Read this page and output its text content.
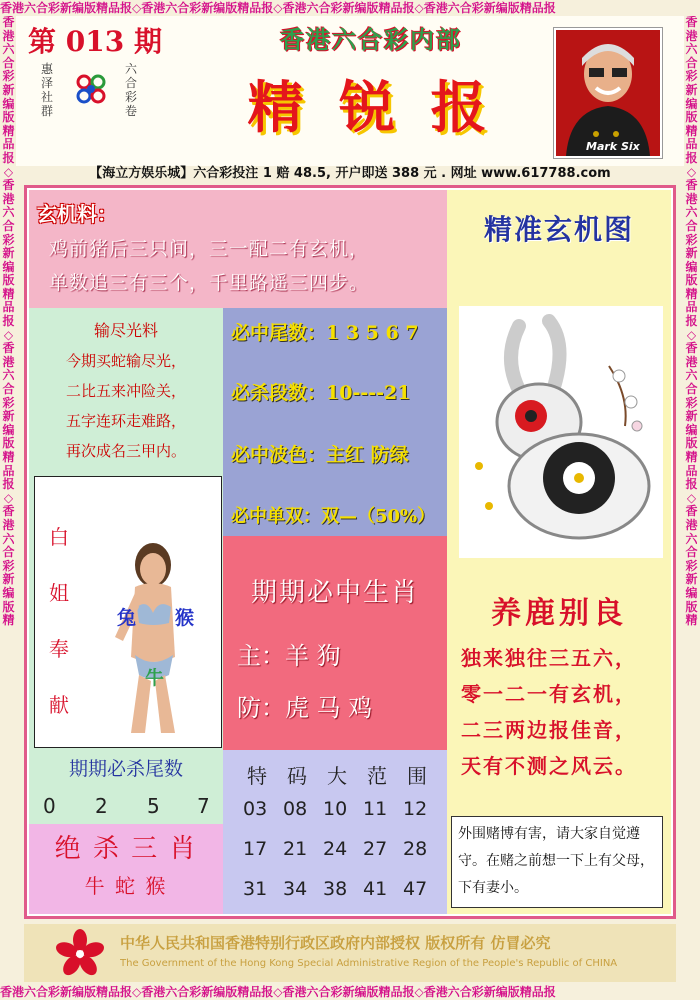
香港六合彩新编版精品报◇香港六合彩新编版精品报◇香港六合彩新编版精品报◇香港六合彩新编版精品报
香港六合彩新编版精品报◇香港六合彩新编版精品报◇香港六合彩新编版精品报◇香港六合彩新编版精品报
香港六合彩新编版精品报◇香港六合彩新编版精品报◇香港六合彩新编版精品报◇香港六合彩新编版精
香港六合彩新编版精品报◇香港六合彩新编版精品报◇香港六合彩新编版精品报◇香港六合彩新编版精
第 013 期
惠泽社群
六合彩卷
香港六合彩内部
精 锐 报
Mark Six
【海立方娱乐城】六合彩投注 1 赔 48.5, 开户即送 388 元 . 网址 www.617788.com
玄机料：
鸡前猪后三只间，三一配二有玄机，
单数追三有三个，千里路遥三四步。
精准玄机图
养鹿别良
独来独往三五六，
零一二一有玄机，
二三两边报佳音，
天有不测之风云。
外围赌博有害，请大家自觉遵守。在赌之前想一下上有父母，下有妻小。
输尽光料
今期买蛇输尽光，
二比五来冲险关，
五字连环走难路，
再次成名三甲内。
必中尾数：1 3 5 6 7
必杀段数：10----21
必中波色：主红 防绿
必中单双：双—（50%）
白
姐
奉
献
兔 猴
牛
期期必中生肖
主：羊 狗
防：虎 马 鸡
期期必杀尾数
0 2 5 7
绝 杀 三 肖
牛 蛇 猴
特 码 大 范 围
03 08 10 11 12
17 21 24 27 28
31 34 38 41 47
中华人民共和国香港特别行政区政府内部授权 版权所有 仿冒必究
The Government of the Hong Kong Special Administrative Region of the People's Republic of CHINA
